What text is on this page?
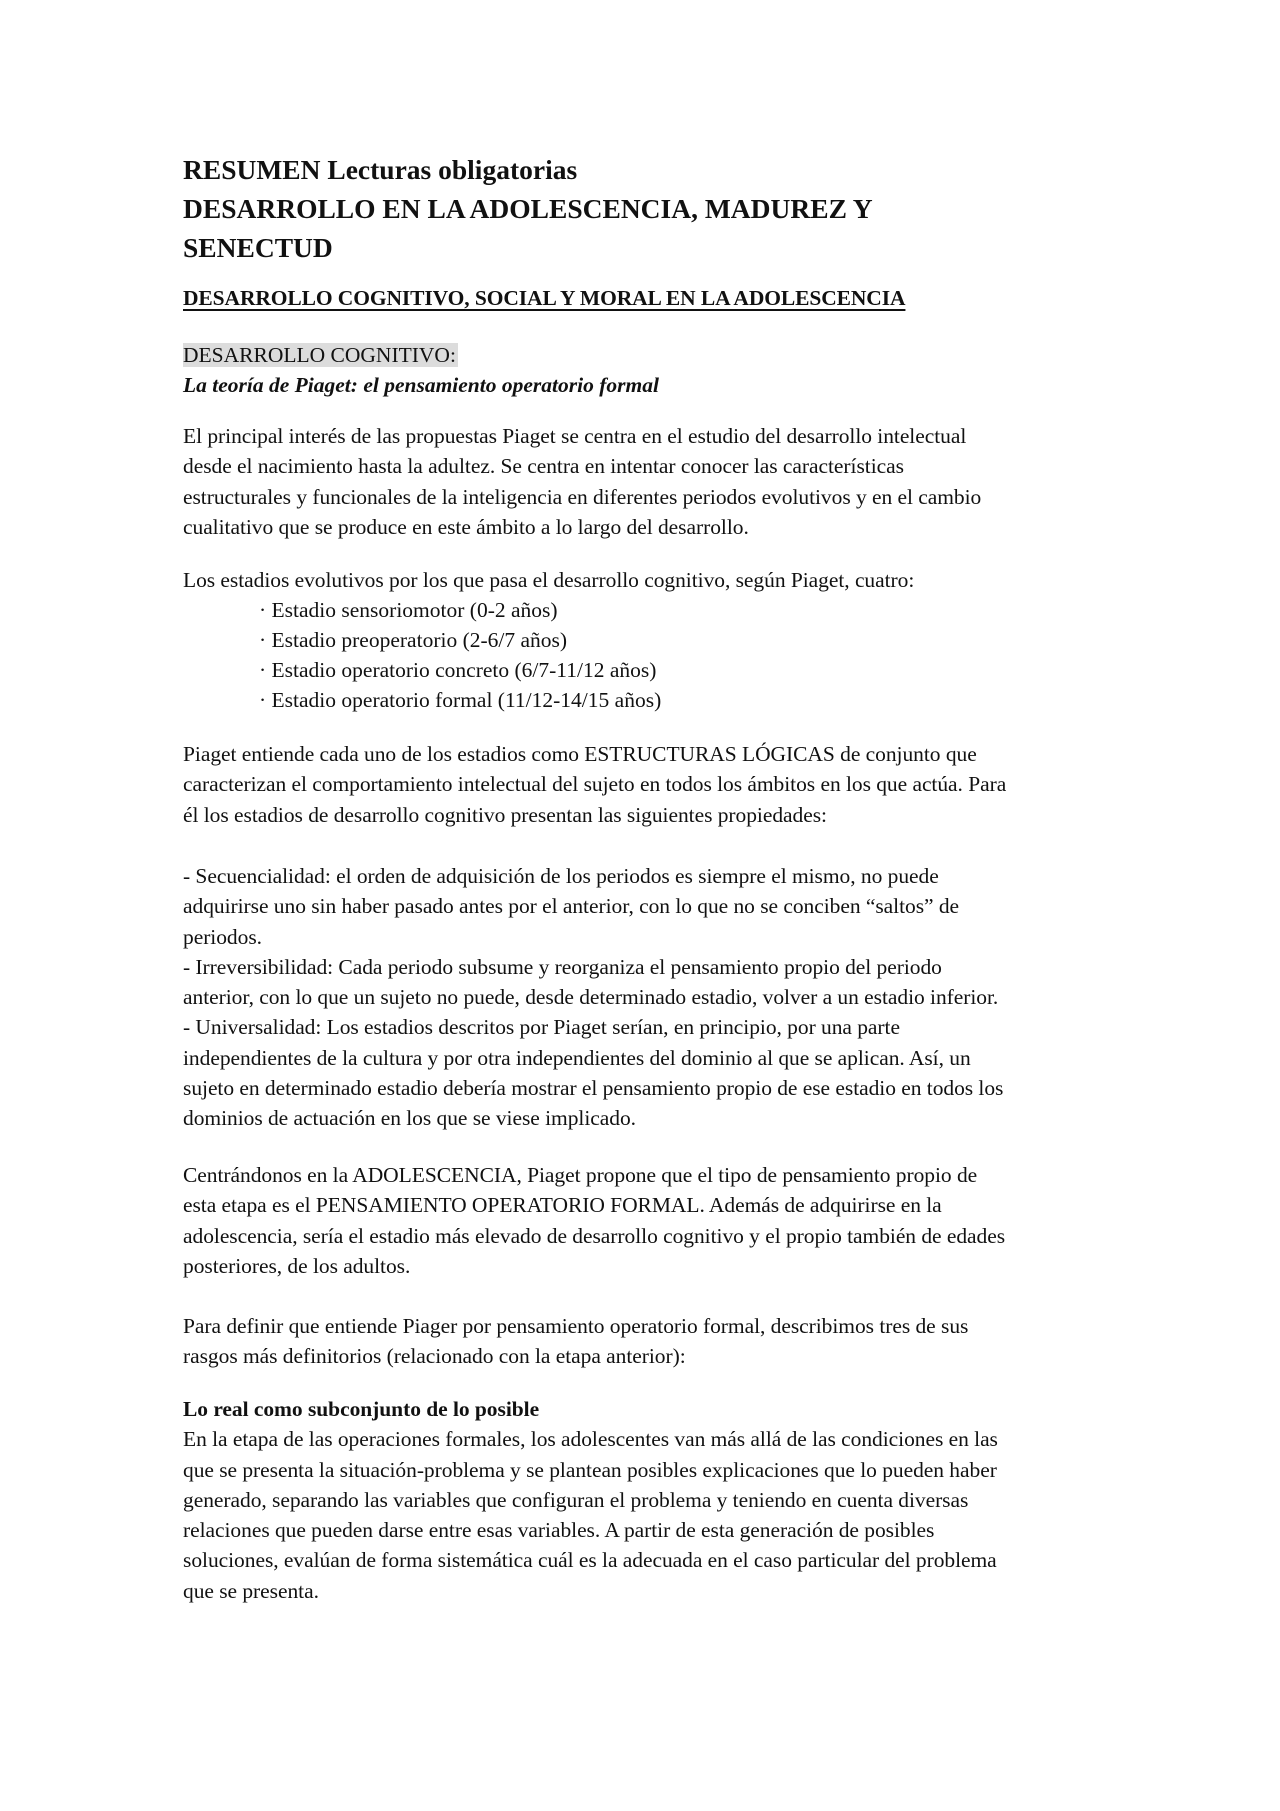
RESUMEN Lecturas obligatorias
DESARROLLO EN LA ADOLESCENCIA, MADUREZ Y
SENECTUD
DESARROLLO COGNITIVO, SOCIAL Y MORAL EN LA ADOLESCENCIA
DESARROLLO COGNITIVO:
La teoría de Piaget: el pensamiento operatorio formal
El principal interés de las propuestas Piaget se centra en el estudio del desarrollo intelectual
desde el nacimiento hasta la adultez. Se centra en intentar conocer las características
estructurales y funcionales de la inteligencia en diferentes periodos evolutivos y en el cambio
cualitativo que se produce en este ámbito a lo largo del desarrollo.
Los estadios evolutivos por los que pasa el desarrollo cognitivo, según Piaget, cuatro:
· Estadio sensoriomotor (0-2 años)
· Estadio preoperatorio (2-6/7 años)
· Estadio operatorio concreto (6/7-11/12 años)
· Estadio operatorio formal (11/12-14/15 años)
Piaget entiende cada uno de los estadios como ESTRUCTURAS LÓGICAS de conjunto que
caracterizan el comportamiento intelectual del sujeto en todos los ámbitos en los que actúa. Para
él los estadios de desarrollo cognitivo presentan las siguientes propiedades:
- Secuencialidad: el orden de adquisición de los periodos es siempre el mismo, no puede
adquirirse uno sin haber pasado antes por el anterior, con lo que no se conciben “saltos” de
periodos.
- Irreversibilidad: Cada periodo subsume y reorganiza el pensamiento propio del periodo
anterior, con lo que un sujeto no puede, desde determinado estadio, volver a un estadio inferior.
- Universalidad: Los estadios descritos por Piaget serían, en principio, por una parte
independientes de la cultura y por otra independientes del dominio al que se aplican. Así, un
sujeto en determinado estadio debería mostrar el pensamiento propio de ese estadio en todos los
dominios de actuación en los que se viese implicado.
Centrándonos en la ADOLESCENCIA, Piaget propone que el tipo de pensamiento propio de
esta etapa es el PENSAMIENTO OPERATORIO FORMAL. Además de adquirirse en la
adolescencia, sería el estadio más elevado de desarrollo cognitivo y el propio también de edades
posteriores, de los adultos.
Para definir que entiende Piager por pensamiento operatorio formal, describimos tres de sus
rasgos más definitorios (relacionado con la etapa anterior):
Lo real como subconjunto de lo posible
En la etapa de las operaciones formales, los adolescentes van más allá de las condiciones en las
que se presenta la situación-problema y se plantean posibles explicaciones que lo pueden haber
generado, separando las variables que configuran el problema y teniendo en cuenta diversas
relaciones que pueden darse entre esas variables. A partir de esta generación de posibles
soluciones, evalúan de forma sistemática cuál es la adecuada en el caso particular del problema
que se presenta.
